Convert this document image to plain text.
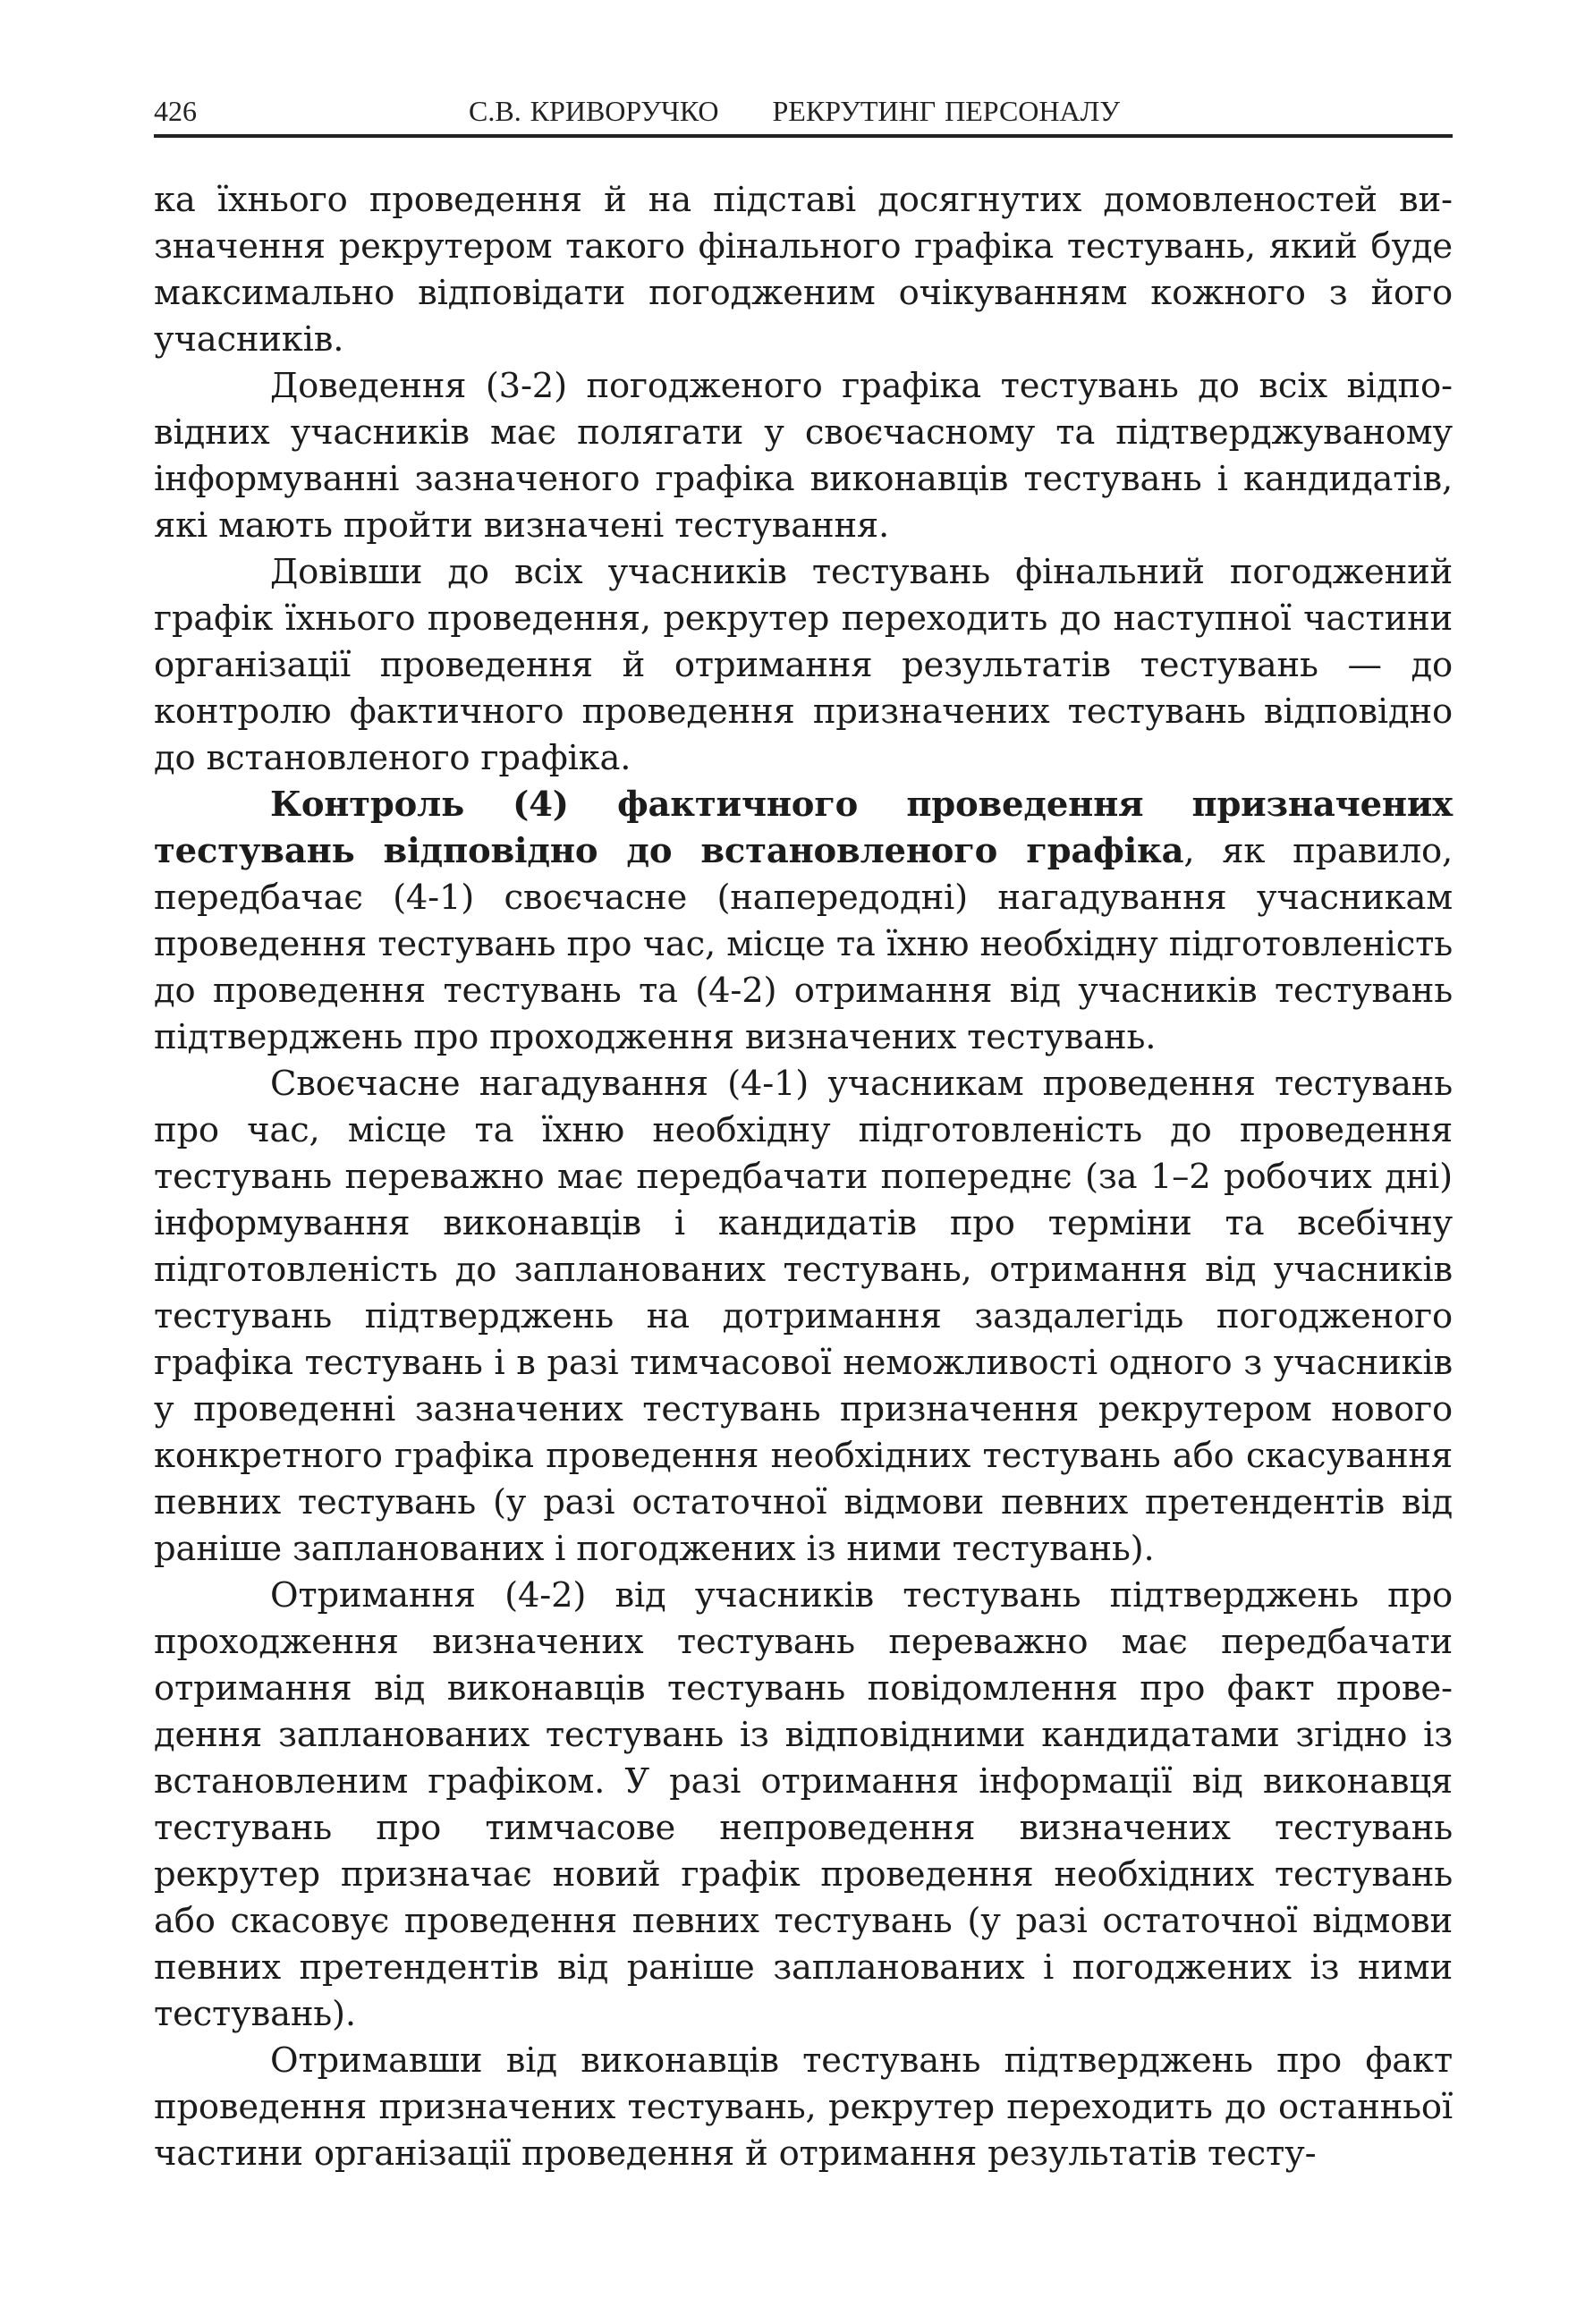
426	С.В. КРИВОРУЧКО РЕКРУТИНГ ПЕРСОНАЛУ

ка їхнього проведення й на підставі досягнутих домовленостей визначення рекрутером такого фінального графіка тестувань, який буде максимально відповідати погодженим очікуванням кожного з його учасників.

Доведення (3-2) погодженого графіка тестувань до всіх відповідних учасників має полягати у своєчасному та підтверджуваному інформуванні зазначеного графіка виконавців тестувань і кандидатів, які мають пройти визначені тестування.

Довівши до всіх учасників тестувань фінальний погоджений графік їхнього проведення, рекрутер переходить до наступної частини організації проведення й отримання результатів тестувань — до контролю фактичного проведення призначених тестувань відповідно до встановленого графіка.

Контроль (4) фактичного проведення призначених тестувань відповідно до встановленого графіка, як правило, передбачає (4-1) своєчасне (напередодні) нагадування учасникам проведення тестувань про час, місце та їхню необхідну підготовленість до проведення тестувань та (4-2) отримання від учасників тестувань підтверджень про проходження визначених тестувань.

Своєчасне нагадування (4-1) учасникам проведення тестувань про час, місце та їхню необхідну підготовленість до проведення тестувань переважно має передбачати попереднє (за 1–2 робочих дні) інформування виконавців і кандидатів про терміни та всебічну підготовленість до запланованих тестувань, отримання від учасників тестувань підтверджень на дотримання заздалегідь погодженого графіка тестувань і в разі тимчасової неможливості одного з учасників у проведенні зазначених тестувань призначення рекрутером нового конкретного графіка проведення необхідних тестувань або скасування певних тестувань (у разі остаточної відмови певних претендентів від раніше запланованих і погоджених із ними тестувань).

Отримання (4-2) від учасників тестувань підтверджень про проходження визначених тестувань переважно має передбачати отримання від виконавців тестувань повідомлення про факт проведення запланованих тестувань із відповідними кандидатами згідно із встановленим графіком. У разі отримання інформації від виконавця тестувань про тимчасове непроведення визначених тестувань рекрутер призначає новий графік проведення необхідних тестувань або скасовує проведення певних тестувань (у разі остаточної відмови певних претендентів від раніше запланованих і погоджених із ними тестувань).

Отримавши від виконавців тестувань підтверджень про факт проведення призначених тестувань, рекрутер переходить до останньої частини організації проведення й отримання результатів тесту-
